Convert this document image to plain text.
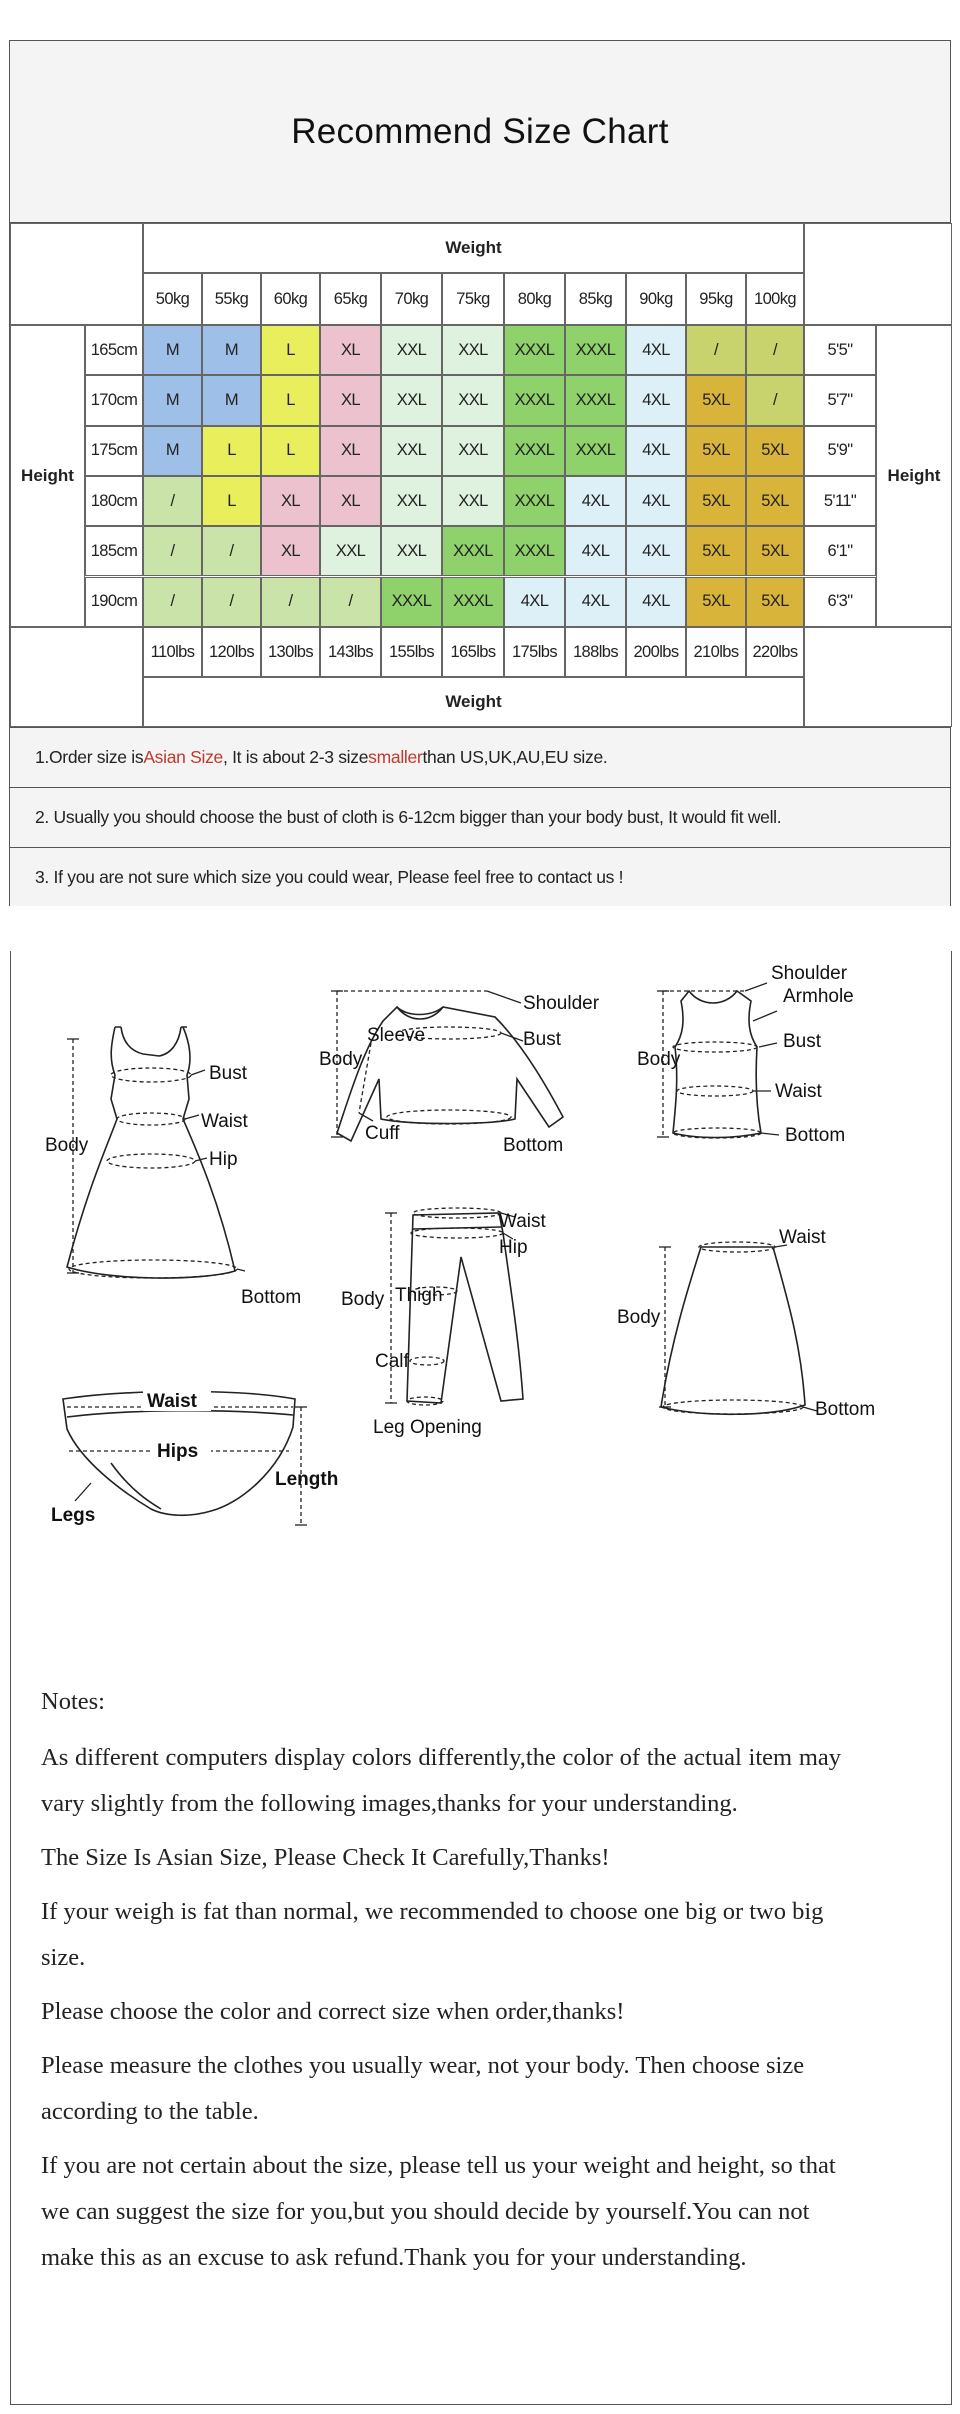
Recommend Size Chart
Weight
50kg	55kg	60kg	65kg	70kg	75kg	80kg	85kg	90kg	95kg	100kg
Height	Height
165cm	M	M	L	XL	XXL	XXL	XXXL	XXXL	4XL	/	/	5'5"
170cm	M	M	L	XL	XXL	XXL	XXXL	XXXL	4XL	5XL	/	5'7"
175cm	M	L	L	XL	XXL	XXL	XXXL	XXXL	4XL	5XL	5XL	5'9"
180cm	/	L	XL	XL	XXL	XXL	XXXL	4XL	4XL	5XL	5XL	5'11"
185cm	/	/	XL	XXL	XXL	XXXL	XXXL	4XL	4XL	5XL	5XL	6'1"
190cm	/	/	/	/	XXXL	XXXL	4XL	4XL	4XL	5XL	5XL	6'3"
110lbs 120lbs 130lbs 143lbs 155lbs 165lbs 175lbs 188lbs 200lbs 210lbs 220lbs
Weight
1.Order size is Asian Size , It is about 2-3 size smaller than US,UK,AU,EU size.
2. Usually you should choose the bust of cloth is 6-12cm bigger than your body bust, It would fit well.
3. If you are not sure which size you could wear, Please feel free to contact us !
Bust
Waist
Hip
Body
Bottom
Shoulder
Sleeve	Bust
Body
Cuff
Bottom
Shoulder
Armhole
Bust
Body
Waist
Bottom
Waist
Hip
Body Thigh
Calf
Leg Opening
Waist
Body
Bottom
Waist
Hips
Legs
Length

Notes:

As different computers display colors differently,the color of the actual item may vary slightly from the following images,thanks for your understanding.

The Size Is Asian Size, Please Check It Carefully,Thanks!

If your weigh is fat than normal, we recommended to choose one big or two big size.

Please choose the color and correct size when order,thanks!

Please measure the clothes you usually wear, not your body. Then choose size according to the table.

If you are not certain about the size, please tell us your weight and height, so that we can suggest the size for you,but you should decide by yourself.You can not make this as an excuse to ask refund.Thank you for your understanding.
